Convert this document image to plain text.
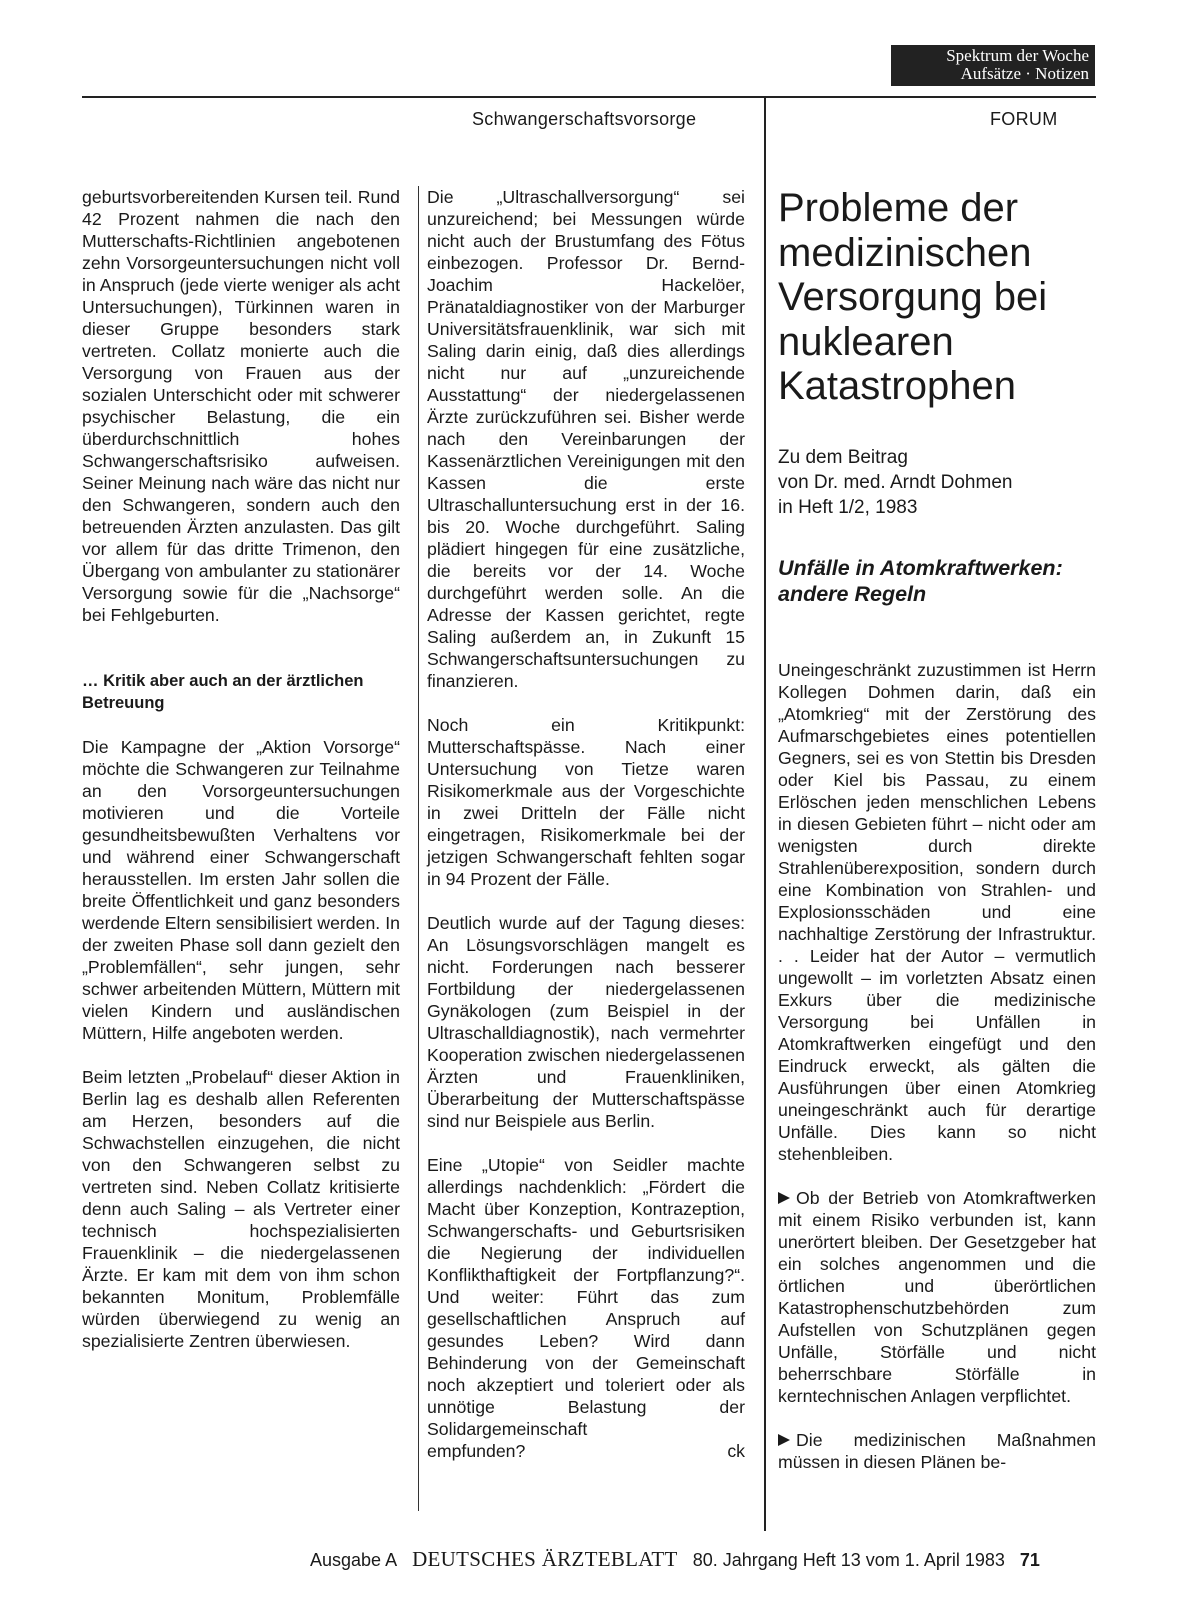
Spektrum der Woche
Aufsätze · Notizen
Schwangerschaftsvorsorge	FORUM

geburtsvorbereitenden Kursen teil. Rund 42 Prozent nahmen die nach den Mutterschafts-Richtlinien angebotenen zehn Vorsorgeuntersuchungen nicht voll in Anspruch (jede vierte weniger als acht Untersuchungen), Türkinnen waren in dieser Gruppe besonders stark vertreten. Collatz monierte auch die Versorgung von Frauen aus der sozialen Unterschicht oder mit schwerer psychischer Belastung, die ein überdurchschnittlich hohes Schwangerschaftsrisiko aufweisen. Seiner Meinung nach wäre das nicht nur den Schwangeren, sondern auch den betreuenden Ärzten anzulasten. Das gilt vor allem für das dritte Trimenon, den Übergang von ambulanter zu stationärer Versorgung sowie für die „Nachsorge“ bei Fehlgeburten.

… Kritik aber auch an der ärztlichen Betreuung

Die Kampagne der „Aktion Vorsorge“ möchte die Schwangeren zur Teilnahme an den Vorsorgeuntersuchungen motivieren und die Vorteile gesundheitsbewußten Verhaltens vor und während einer Schwangerschaft herausstellen. Im ersten Jahr sollen die breite Öffentlichkeit und ganz besonders werdende Eltern sensibilisiert werden. In der zweiten Phase soll dann gezielt den „Problemfällen“, sehr jungen, sehr schwer arbeitenden Müttern, Müttern mit vielen Kindern und ausländischen Müttern, Hilfe angeboten werden.

Beim letzten „Probelauf“ dieser Aktion in Berlin lag es deshalb allen Referenten am Herzen, besonders auf die Schwachstellen einzugehen, die nicht von den Schwangeren selbst zu vertreten sind. Neben Collatz kritisierte denn auch Saling – als Vertreter einer technisch hochspezialisierten Frauenklinik – die niedergelassenen Ärzte. Er kam mit dem von ihm schon bekannten Monitum, Problemfälle würden überwiegend zu wenig an spezialisierte Zentren überwiesen.

Die „Ultraschallversorgung“ sei unzureichend; bei Messungen würde nicht auch der Brustumfang des Fötus einbezogen. Professor Dr. Bernd-Joachim Hackelöer, Pränataldiagnostiker von der Marburger Universitätsfrauenklinik, war sich mit Saling darin einig, daß dies allerdings nicht nur auf „unzureichende Ausstattung“ der niedergelassenen Ärzte zurückzuführen sei. Bisher werde nach den Vereinbarungen der Kassenärztlichen Vereinigungen mit den Kassen die erste Ultraschalluntersuchung erst in der 16. bis 20. Woche durchgeführt. Saling plädiert hingegen für eine zusätzliche, die bereits vor der 14. Woche durchgeführt werden solle. An die Adresse der Kassen gerichtet, regte Saling außerdem an, in Zukunft 15 Schwangerschaftsuntersuchungen zu finanzieren.

Noch ein Kritikpunkt: Mutterschaftspässe. Nach einer Untersuchung von Tietze waren Risikomerkmale aus der Vorgeschichte in zwei Dritteln der Fälle nicht eingetragen, Risikomerkmale bei der jetzigen Schwangerschaft fehlten sogar in 94 Prozent der Fälle.

Deutlich wurde auf der Tagung dieses: An Lösungsvorschlägen mangelt es nicht. Forderungen nach besserer Fortbildung der niedergelassenen Gynäkologen (zum Beispiel in der Ultraschalldiagnostik), nach vermehrter Kooperation zwischen niedergelassenen Ärzten und Frauenkliniken, Überarbeitung der Mutterschaftspässe sind nur Beispiele aus Berlin.

Eine „Utopie“ von Seidler machte allerdings nachdenklich: „Fördert die Macht über Konzeption, Kontrazeption, Schwangerschafts- und Geburtsrisiken die Negierung der individuellen Konflikthaftigkeit der Fortpflanzung?“. Und weiter: Führt das zum gesellschaftlichen Anspruch auf gesundes Leben? Wird dann Behinderung von der Gemeinschaft noch akzeptiert und toleriert oder als unnötige Belastung der Solidargemeinschaft

empfunden?	ck
Probleme der medizinischen Versorgung bei nuklearen Katastrophen
Zu dem Beitrag
von Dr. med. Arndt Dohmen
in Heft 1/2, 1983
Unfälle in Atomkraftwerken: andere Regeln

Uneingeschränkt zuzustimmen ist Herrn Kollegen Dohmen darin, daß ein „Atomkrieg“ mit der Zerstörung des Aufmarschgebietes eines potentiellen Gegners, sei es von Stettin bis Dresden oder Kiel bis Passau, zu einem Erlöschen jeden menschlichen Lebens in diesen Gebieten führt – nicht oder am wenigsten durch direkte Strahlenüberexposition, sondern durch eine Kombination von Strahlen- und Explosionsschäden und eine nachhaltige Zerstörung der Infrastruktur. . . Leider hat der Autor – vermutlich ungewollt – im vorletzten Absatz einen Exkurs über die medizinische Versorgung bei Unfällen in Atomkraftwerken eingefügt und den Eindruck erweckt, als gälten die Ausführungen über einen Atomkrieg uneingeschränkt auch für derartige Unfälle. Dies kann so nicht stehenbleiben.

Ob der Betrieb von Atomkraftwerken mit einem Risiko verbunden ist, kann unerörtert bleiben. Der Gesetzgeber hat ein solches angenommen und die örtlichen und überörtlichen Katastrophenschutzbehörden zum Aufstellen von Schutzplänen gegen Unfälle, Störfälle und nicht beherrschbare Störfälle in kerntechnischen Anlagen verpflichtet.

Die medizinischen Maßnahmen müssen in diesen Plänen be-

Ausgabe A DEUTSCHES ÄRZTEBLATT 80. Jahrgang Heft 13 vom 1. April 1983 71
